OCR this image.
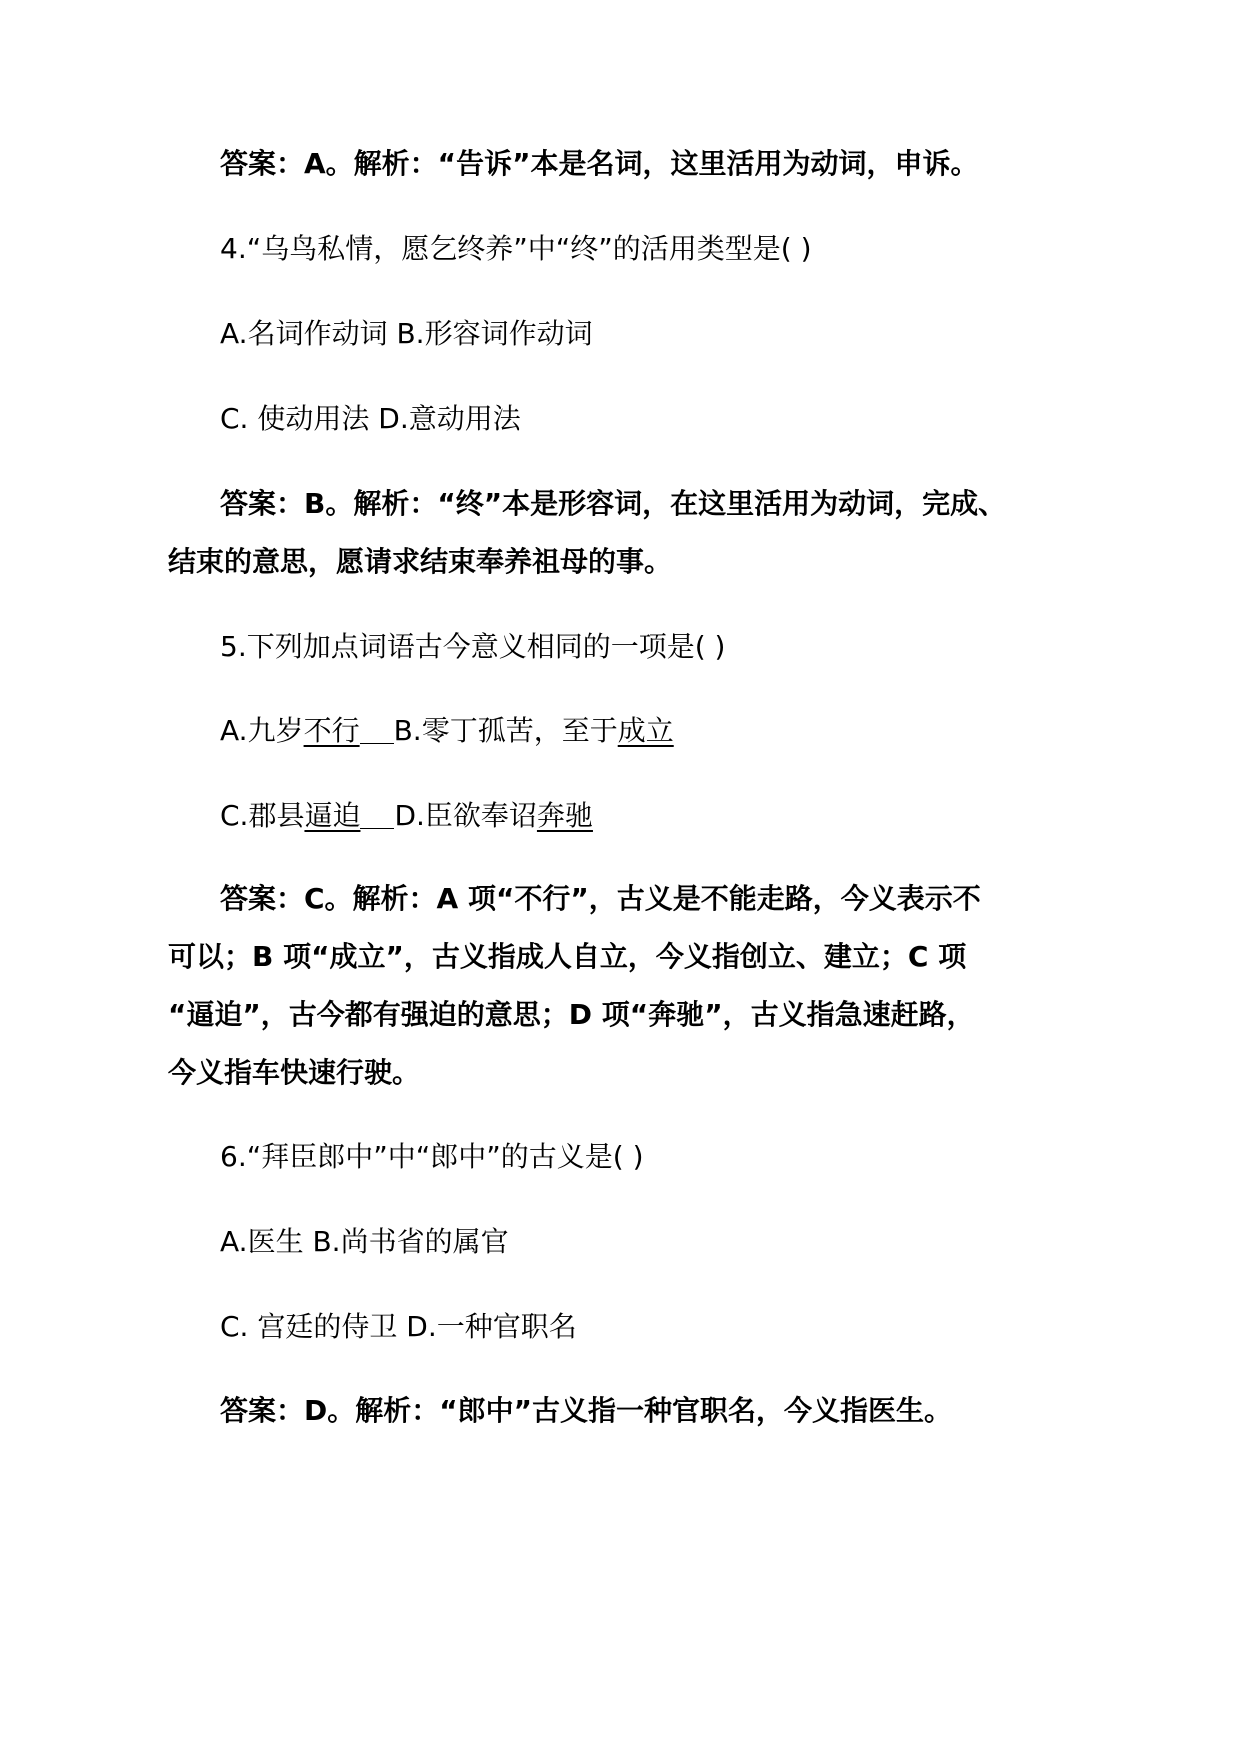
答案：A。解析：“告诉”本是名词，这里活用为动词，申诉。
4.“乌鸟私情，愿乞终养”中“终”的活用类型是( )
A.名词作动词 B.形容词作动词
C. 使动用法 D.意动用法
答案：B。解析：“终”本是形容词，在这里活用为动词，完成、
结束的意思，愿请求结束奉养祖母的事。
5.下列加点词语古今意义相同的一项是( )
A.九岁不行 B.零丁孤苦，至于成立
C.郡县逼迫 D.臣欲奉诏奔驰
答案：C。解析：A 项“不行”，古义是不能走路，今义表示不
可以；B 项“成立”，古义指成人自立，今义指创立、建立；C 项
“逼迫”，古今都有强迫的意思；D 项“奔驰”，古义指急速赶路，
今义指车快速行驶。
6.“拜臣郎中”中“郎中”的古义是( )
A.医生 B.尚书省的属官
C. 宫廷的侍卫 D.一种官职名
答案：D。解析：“郎中”古义指一种官职名，今义指医生。
